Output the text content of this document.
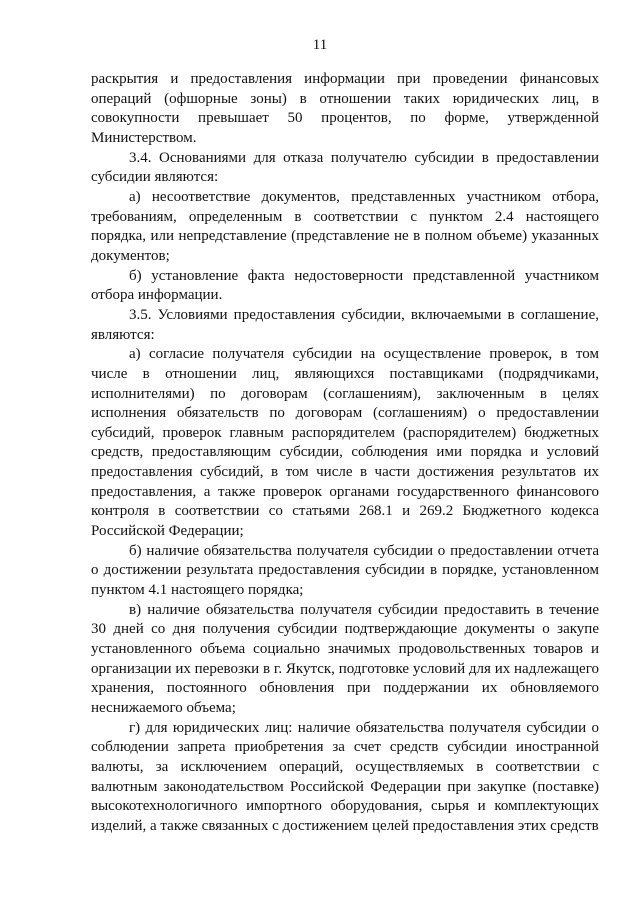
11

раскрытия и предоставления информации при проведении финансовых операций (офшорные зоны) в отношении таких юридических лиц, в совокупности превышает 50 процентов, по форме, утвержденной Министерством.

3.4. Основаниями для отказа получателю субсидии в предоставлении субсидии являются:

а) несоответствие документов, представленных участником отбора, требованиям, определенным в соответствии с пунктом 2.4 настоящего порядка, или непредставление (представление не в полном объеме) указанных документов;

б) установление факта недостоверности представленной участником отбора информации.

3.5. Условиями предоставления субсидии, включаемыми в соглашение, являются:

а) согласие получателя субсидии на осуществление проверок, в том числе в отношении лиц, являющихся поставщиками (подрядчиками, исполнителями) по договорам (соглашениям), заключенным в целях исполнения обязательств по договорам (соглашениям) о предоставлении субсидий, проверок главным распорядителем (распорядителем) бюджетных средств, предоставляющим субсидии, соблюдения ими порядка и условий предоставления субсидий, в том числе в части достижения результатов их предоставления, а также проверок органами государственного финансового контроля в соответствии со статьями 268.1 и 269.2 Бюджетного кодекса Российской Федерации;

б) наличие обязательства получателя субсидии о предоставлении отчета о достижении результата предоставления субсидии в порядке, установленном пунктом 4.1 настоящего порядка;

в) наличие обязательства получателя субсидии предоставить в течение 30 дней со дня получения субсидии подтверждающие документы о закупе установленного объема социально значимых продовольственных товаров и организации их перевозки в г. Якутск, подготовке условий для их надлежащего хранения, постоянного обновления при поддержании их обновляемого неснижаемого объема;

г) для юридических лиц: наличие обязательства получателя субсидии о соблюдении запрета приобретения за счет средств субсидии иностранной валюты, за исключением операций, осуществляемых в соответствии с валютным законодательством Российской Федерации при закупке (поставке) высокотехнологичного импортного оборудования, сырья и комплектующих изделий, а также связанных с достижением целей предоставления этих средств
